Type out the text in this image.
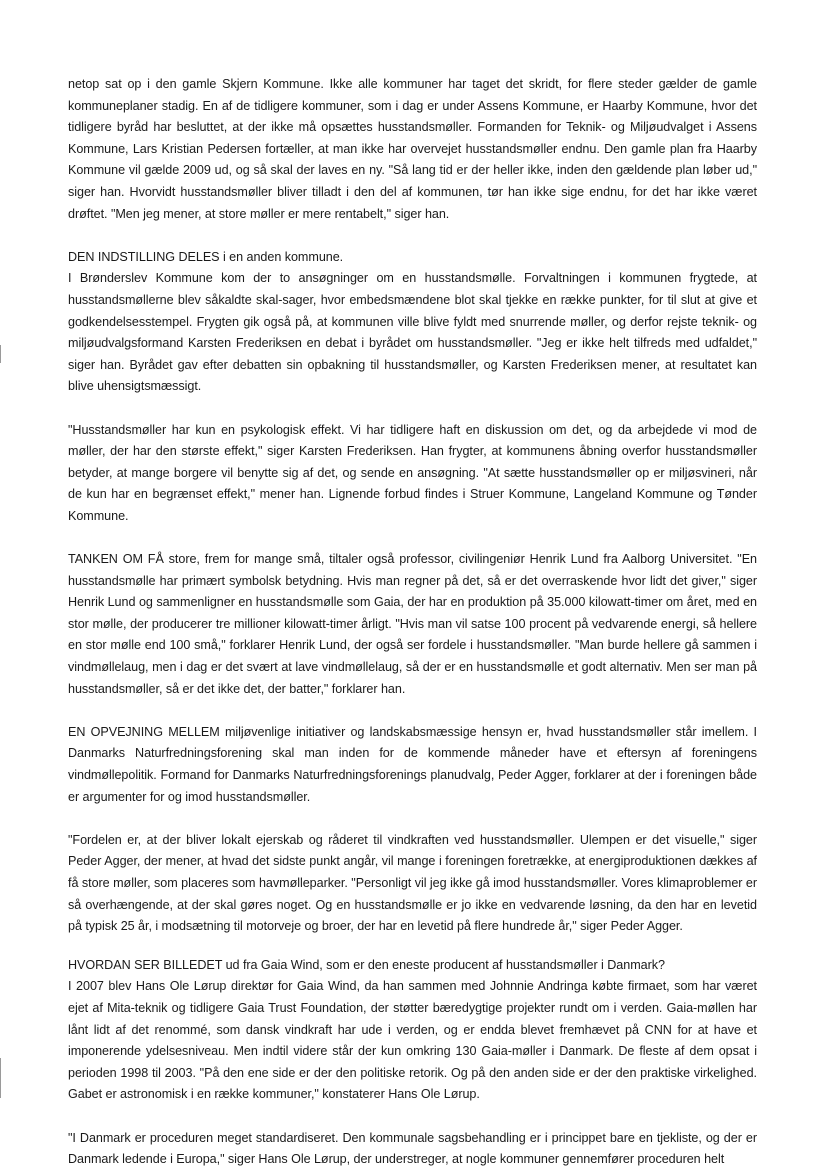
netop sat op i den gamle Skjern Kommune. Ikke alle kommuner har taget det skridt, for flere steder gælder de gamle kommuneplaner stadig. En af de tidligere kommuner, som i dag er under Assens Kommune, er Haarby Kommune, hvor det tidligere byråd har besluttet, at der ikke må opsættes husstandsmøller. Formanden for Teknik- og Miljøudvalget i Assens Kommune, Lars Kristian Pedersen fortæller, at man ikke har overvejet husstandsmøller endnu. Den gamle plan fra Haarby Kommune vil gælde 2009 ud, og så skal der laves en ny. "Så lang tid er der heller ikke, inden den gældende plan løber ud," siger han. Hvorvidt husstandsmøller bliver tilladt i den del af kommunen, tør han ikke sige endnu, for det har ikke været drøftet. "Men jeg mener, at store møller er mere rentabelt," siger han.

DEN INDSTILLING DELES i en anden kommune.

I Brønderslev Kommune kom der to ansøgninger om en husstandsmølle. Forvaltningen i kommunen frygtede, at husstandsmøllerne blev såkaldte skal-sager, hvor embedsmændene blot skal tjekke en række punkter, for til slut at give et godkendelsesstempel. Frygten gik også på, at kommunen ville blive fyldt med snurrende møller, og derfor rejste teknik- og miljøudvalgsformand Karsten Frederiksen en debat i byrådet om husstandsmøller. "Jeg er ikke helt tilfreds med udfaldet," siger han. Byrådet gav efter debatten sin opbakning til husstandsmøller, og Karsten Frederiksen mener, at resultatet kan blive uhensigtsmæssigt.

"Husstandsmøller har kun en psykologisk effekt. Vi har tidligere haft en diskussion om det, og da arbejdede vi mod de møller, der har den største effekt," siger Karsten Frederiksen. Han frygter, at kommunens åbning overfor husstandsmøller betyder, at mange borgere vil benytte sig af det, og sende en ansøgning. "At sætte husstandsmøller op er miljøsvineri, når de kun har en begrænset effekt," mener han. Lignende forbud findes i Struer Kommune, Langeland Kommune og Tønder Kommune.

TANKEN OM FÅ store, frem for mange små, tiltaler også professor, civilingeniør Henrik Lund fra Aalborg Universitet. "En husstandsmølle har primært symbolsk betydning. Hvis man regner på det, så er det overraskende hvor lidt det giver," siger Henrik Lund og sammenligner en husstandsmølle som Gaia, der har en produktion på 35.000 kilowatt-timer om året, med en stor mølle, der producerer tre millioner kilowatt-timer årligt. "Hvis man vil satse 100 procent på vedvarende energi, så hellere en stor mølle end 100 små," forklarer Henrik Lund, der også ser fordele i husstandsmøller. "Man burde hellere gå sammen i vindmøllelaug, men i dag er det svært at lave vindmøllelaug, så der er en husstandsmølle et godt alternativ. Men ser man på husstandsmøller, så er det ikke det, der batter," forklarer han.

EN OPVEJNING MELLEM miljøvenlige initiativer og landskabsmæssige hensyn er, hvad husstandsmøller står imellem. I Danmarks Naturfredningsforening skal man inden for de kommende måneder have et eftersyn af foreningens vindmøllepolitik. Formand for Danmarks Naturfredningsforenings planudvalg, Peder Agger, forklarer at der i foreningen både er argumenter for og imod husstandsmøller.

"Fordelen er, at der bliver lokalt ejerskab og råderet til vindkraften ved husstandsmøller. Ulempen er det visuelle," siger Peder Agger, der mener, at hvad det sidste punkt angår, vil mange i foreningen foretrække, at energiproduktionen dækkes af få store møller, som placeres som havmølleparker. "Personligt vil jeg ikke gå imod husstandsmøller. Vores klimaproblemer er så overhængende, at der skal gøres noget. Og en husstandsmølle er jo ikke en vedvarende løsning, da den har en levetid på typisk 25 år, i modsætning til motorveje og broer, der har en levetid på flere hundrede år," siger Peder Agger.

HVORDAN SER BILLEDET ud fra Gaia Wind, som er den eneste producent af husstandsmøller i Danmark?

I 2007 blev Hans Ole Lørup direktør for Gaia Wind, da han sammen med Johnnie Andringa købte firmaet, som har været ejet af Mita-teknik og tidligere Gaia Trust Foundation, der støtter bæredygtige projekter rundt om i verden. Gaia-møllen har lånt lidt af det renommé, som dansk vindkraft har ude i verden, og er endda blevet fremhævet på CNN for at have et imponerende ydelsesniveau. Men indtil videre står der kun omkring 130 Gaia-møller i Danmark. De fleste af dem opsat i perioden 1998 til 2003. "På den ene side er der den politiske retorik. Og på den anden side er der den praktiske virkelighed. Gabet er astronomisk i en række kommuner," konstaterer Hans Ole Lørup.

"I Danmark er proceduren meget standardiseret. Den kommunale sagsbehandling er i princippet bare en tjekliste, og der er Danmark ledende i Europa," siger Hans Ole Lørup, der understreger, at nogle kommuner gennemfører proceduren helt
